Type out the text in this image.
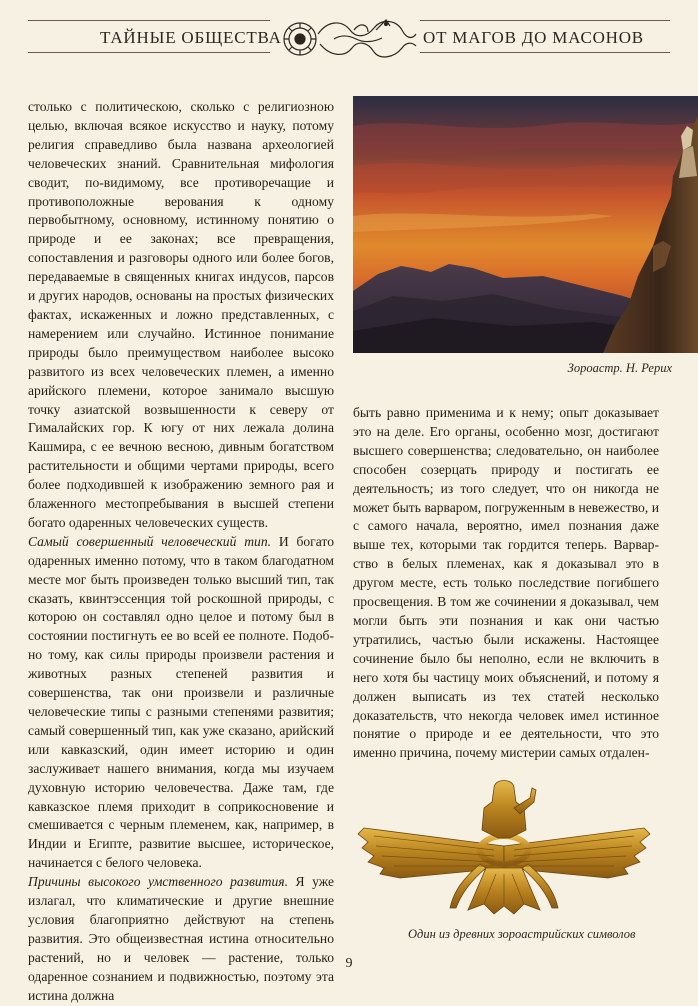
ТАЙНЫЕ ОБЩЕСТВА	ОТ МАГОВ ДО МАСОНОВ

столько с политическою, сколько с религиозною целью, включая всякое искусство и науку, потому религия справедливо была названа археологией человеческих знаний. Сравнительная мифология сводит, по-видимому, все противоречащие и противоположные верования к одному первобытному, основному, истинному понятию о природе и ее законах; все превращения, сопоставления и разговоры одного или более богов, передаваемые в священных книгах индусов, парсов и других народов, основаны на простых физических фактах, искаженных и ложно представленных, с намерением или случайно. Истинное понимание природы было преимуществом наиболее высоко развитого из всех человеческих племен, а именно арийского племени, которое занимало высшую точку азиатской возвышенности к северу от Гималайских гор. К югу от них лежала долина Кашмира, с ее вечною весною, дивным богатством растительности и общими чертами природы, всего более подходившей к изображению земного рая и блаженного местопребывания в высшей степени богато одаренных человеческих существ.

Самый совершенный человеческий тип. И богато одаренных именно потому, что в таком благодатном месте мог быть произведен только высший тип, так сказать, квинтэссенция той роскошной природы, с которою он составлял одно целое и потому был в состоянии постигнуть ее во всей ее полноте. Подобно тому, как силы природы произвели растения и животных разных степеней развития и совершенства, так они произвели и различные человеческие типы с разными степенями развития; самый совершенный тип, как уже сказано, арийский или кавказский, один имеет историю и один заслуживает нашего внимания, когда мы изучаем духовную историю человечества. Даже там, где кавказское племя приходит в соприкосновение и смешивается с черным племенем, как, например, в Индии и Египте, развитие высшее, историческое, начинается с белого человека.

Причины высокого умственного развития. Я уже излагал, что климатические и другие внешние условия благоприятно действуют на степень развития. Это общеизвестная истина относительно растений, но и человек — растение, только одаренное сознанием и подвижностью, поэтому эта истина должна

Зороастр. Н. Рерих

быть равно применима и к нему; опыт доказывает это на деле. Его органы, особенно мозг, достигают высшего совершенства; следовательно, он наиболее способен созерцать природу и постигать ее деятельность; из того следует, что он никогда не может быть варваром, погруженным в невежество, и с самого начала, вероятно, имел познания даже выше тех, которыми так гордится теперь. Варварство в белых племенах, как я доказывал это в другом месте, есть только последствие погибшего просвещения. В том же сочинении я доказывал, чем могли быть эти познания и как они частью утратились, частью были искажены. Настоящее сочинение было бы неполно, если не включить в него хотя бы частицу моих объяснений, и потому я должен выписать из тех статей несколько доказательств, что некогда человек имел истинное понятие о природе и ее деятельности, что это именно причина, почему мистерии самых отдален-

Один из древних зороастрийских символов
9
